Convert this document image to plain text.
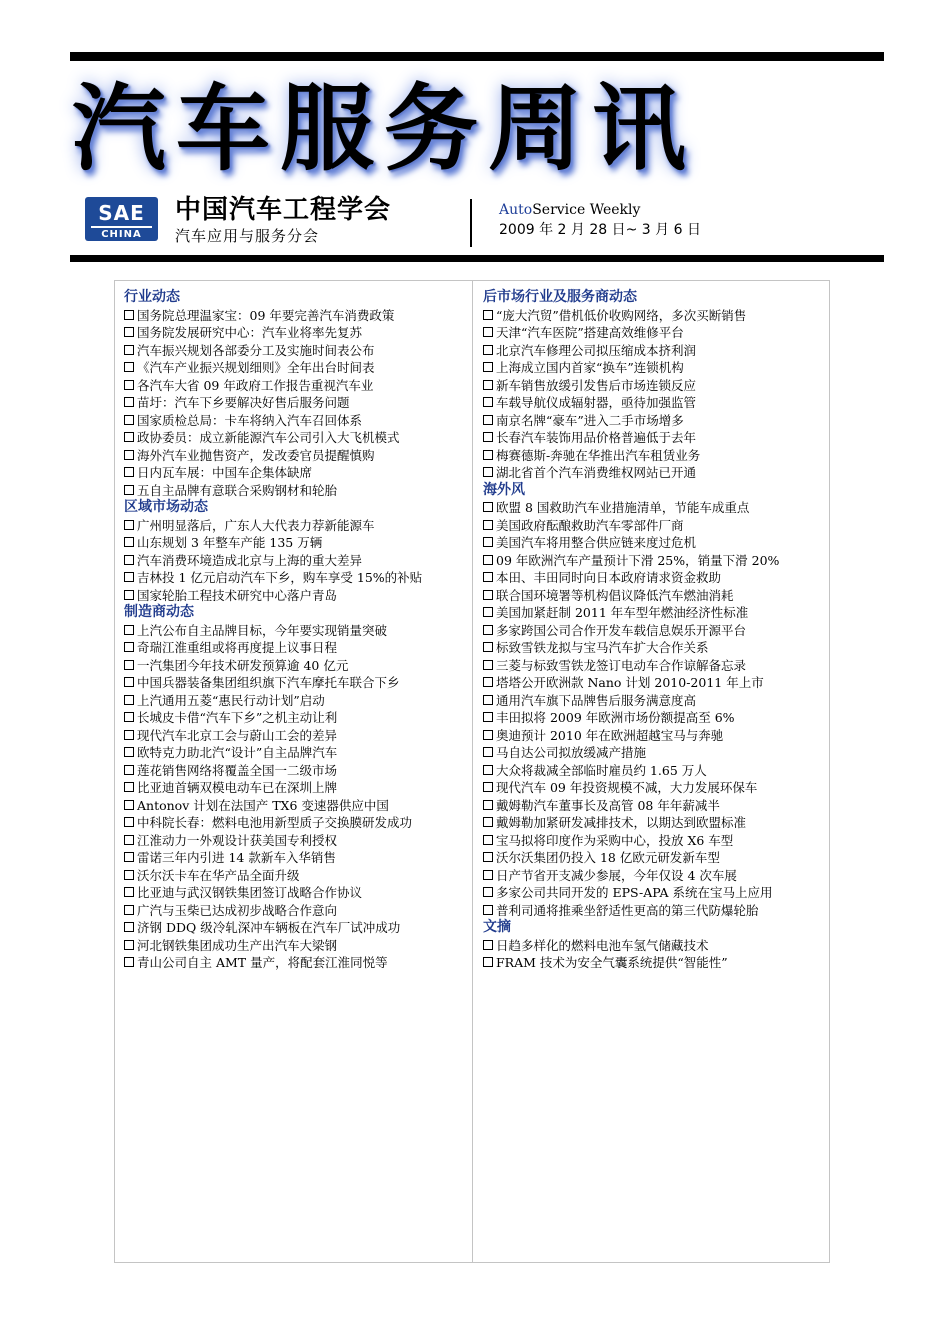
汽车服务周讯
SAE
CHINA
中国汽车工程学会
汽车应用与服务分会
AutoService Weekly
2009 年 2 月 28 日~ 3 月 6 日
行业动态
国务院总理温家宝：09 年要完善汽车消费政策
国务院发展研究中心：汽车业将率先复苏
汽车振兴规划各部委分工及实施时间表公布
《汽车产业振兴规划细则》全年出台时间表
各汽车大省 09 年政府工作报告重视汽车业
苗圩：汽车下乡要解决好售后服务问题
国家质检总局：卡车将纳入汽车召回体系
政协委员：成立新能源汽车公司引入大飞机模式
海外汽车业抛售资产，发改委官员提醒慎购
日内瓦车展：中国车企集体缺席
五自主品牌有意联合采购钢材和轮胎
区域市场动态
广州明显落后，广东人大代表力荐新能源车
山东规划 3 年整车产能 135 万辆
汽车消费环境造成北京与上海的重大差异
吉林投 1 亿元启动汽车下乡，购车享受 15%的补贴
国家轮胎工程技术研究中心落户青岛
制造商动态
上汽公布自主品牌目标，今年要实现销量突破
奇瑞江淮重组或将再度提上议事日程
一汽集团今年技术研发预算逾 40 亿元
中国兵器装备集团组织旗下汽车摩托车联合下乡
上汽通用五菱“惠民行动计划”启动
长城皮卡借“汽车下乡”之机主动让利
现代汽车北京工会与蔚山工会的差异
欧特克力助北汽“设计”自主品牌汽车
莲花销售网络将覆盖全国一二级市场
比亚迪首辆双模电动车已在深圳上牌
Antonov 计划在法国产 TX6 变速器供应中国
中科院长春：燃料电池用新型质子交换膜研发成功
江淮动力一外观设计获美国专利授权
雷诺三年内引进 14 款新车入华销售
沃尔沃卡车在华产品全面升级
比亚迪与武汉钢铁集团签订战略合作协议
广汽与玉柴已达成初步战略合作意向
济钢 DDQ 级冷轧深冲车辆板在汽车厂试冲成功
河北钢铁集团成功生产出汽车大梁钢
青山公司自主 AMT 量产，将配套江淮同悦等
后市场行业及服务商动态
“庞大汽贸”借机低价收购网络，多次买断销售
天津“汽车医院”搭建高效维修平台
北京汽车修理公司拟压缩成本挤利润
上海成立国内首家“换车”连锁机构
新车销售放缓引发售后市场连锁反应
车载导航仪成辐射器，亟待加强监管
南京名牌“豪车”进入二手市场增多
长春汽车装饰用品价格普遍低于去年
梅赛德斯-奔驰在华推出汽车租赁业务
湖北省首个汽车消费维权网站已开通
海外风
欧盟 8 国救助汽车业措施清单，节能车成重点
美国政府酝酿救助汽车零部件厂商
美国汽车将用整合供应链来度过危机
09 年欧洲汽车产量预计下滑 25%，销量下滑 20%
本田、丰田同时向日本政府请求资金救助
联合国环境署等机构倡议降低汽车燃油消耗
美国加紧赶制 2011 年车型年燃油经济性标准
多家跨国公司合作开发车载信息娱乐开源平台
标致雪铁龙拟与宝马汽车扩大合作关系
三菱与标致雪铁龙签订电动车合作谅解备忘录
塔塔公开欧洲款 Nano 计划 2010-2011 年上市
通用汽车旗下品牌售后服务满意度高
丰田拟将 2009 年欧洲市场份额提高至 6%
奥迪预计 2010 年在欧洲超越宝马与奔驰
马自达公司拟放缓减产措施
大众将裁减全部临时雇员约 1.65 万人
现代汽车 09 年投资规模不减，大力发展环保车
戴姆勒汽车董事长及高管 08 年年薪减半
戴姆勒加紧研发减排技术，以期达到欧盟标准
宝马拟将印度作为采购中心，投放 X6 车型
沃尔沃集团仍投入 18 亿欧元研发新车型
日产节省开支减少参展，今年仅设 4 次车展
多家公司共同开发的 EPS-APA 系统在宝马上应用
普利司通将推乘坐舒适性更高的第三代防爆轮胎
文摘
日趋多样化的燃料电池车氢气储藏技术
FRAM 技术为安全气囊系统提供“智能性”
